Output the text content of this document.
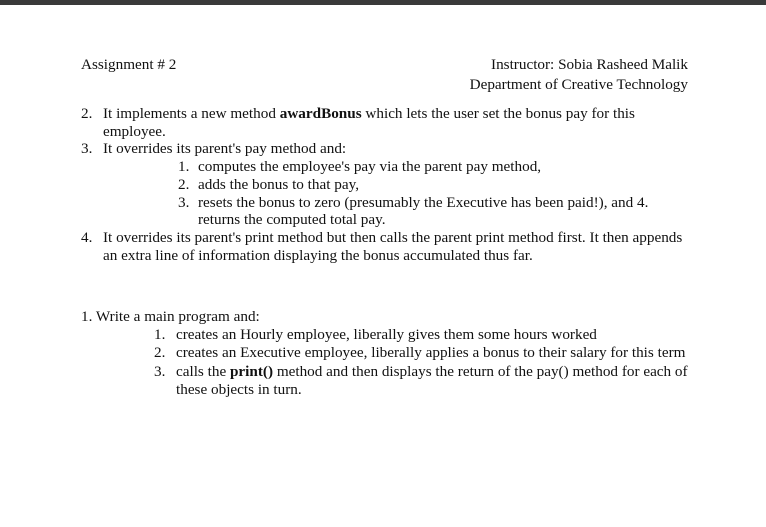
Assignment # 2	Instructor: Sobia Rasheed Malik
Department of Creative Technology
2. It implements a new method awardBonus which lets the user set the bonus pay for this employee.
3. It overrides its parent's pay method and:
1. computes the employee's pay via the parent pay method,
2. adds the bonus to that pay,
3. resets the bonus to zero (presumably the Executive has been paid!), and 4. returns the computed total pay.
4. It overrides its parent's print method but then calls the parent print method first. It then appends an extra line of information displaying the bonus accumulated thus far.
1. Write a main program and:
1. creates an Hourly employee, liberally gives them some hours worked
2. creates an Executive employee, liberally applies a bonus to their salary for this term
3. calls the print() method and then displays the return of the pay() method for each of these objects in turn.
